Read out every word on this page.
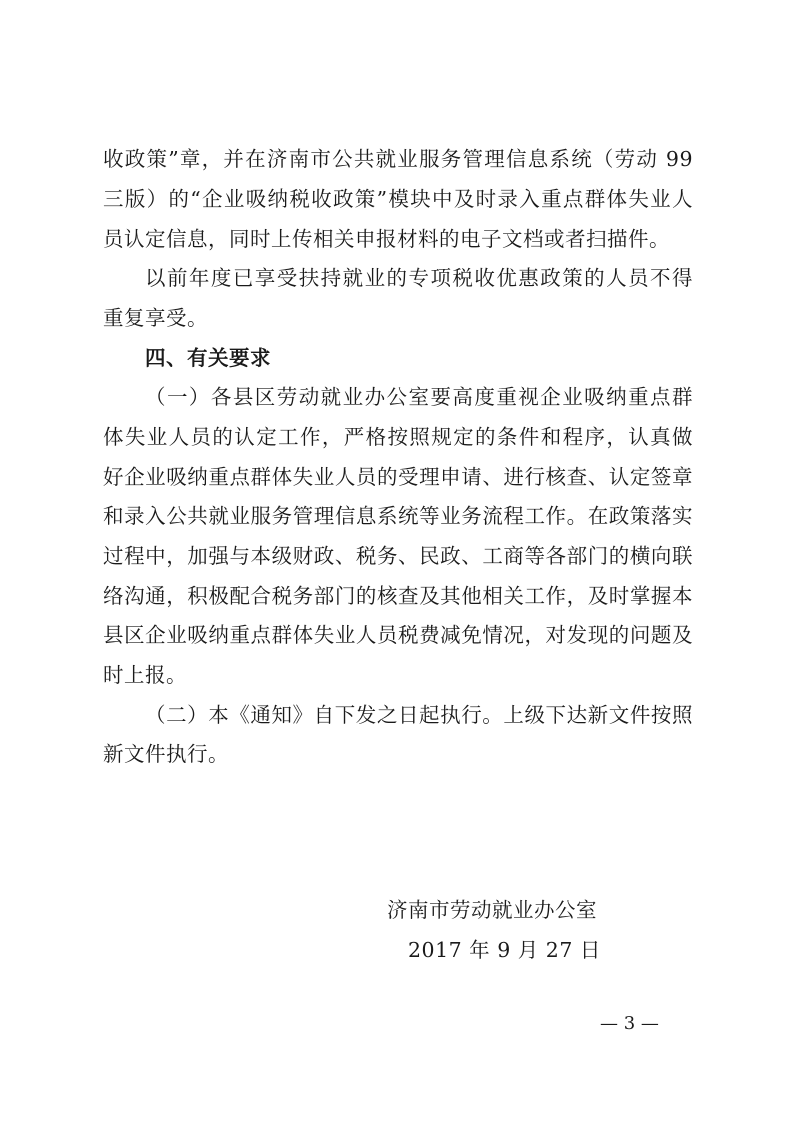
收政策”章，并在济南市公共就业服务管理信息系统（劳动 99
三版）的“企业吸纳税收政策”模块中及时录入重点群体失业人
员认定信息，同时上传相关申报材料的电子文档或者扫描件。
以前年度已享受扶持就业的专项税收优惠政策的人员不得
重复享受。
四、有关要求
（一）各县区劳动就业办公室要高度重视企业吸纳重点群
体失业人员的认定工作，严格按照规定的条件和程序，认真做
好企业吸纳重点群体失业人员的受理申请、进行核查、认定签章
和录入公共就业服务管理信息系统等业务流程工作。在政策落实
过程中，加强与本级财政、税务、民政、工商等各部门的横向联
络沟通，积极配合税务部门的核查及其他相关工作，及时掌握本
县区企业吸纳重点群体失业人员税费减免情况，对发现的问题及
时上报。
（二）本《通知》自下发之日起执行。上级下达新文件按照
新文件执行。
济南市劳动就业办公室
2017 年 9 月 27 日
— 3 —
